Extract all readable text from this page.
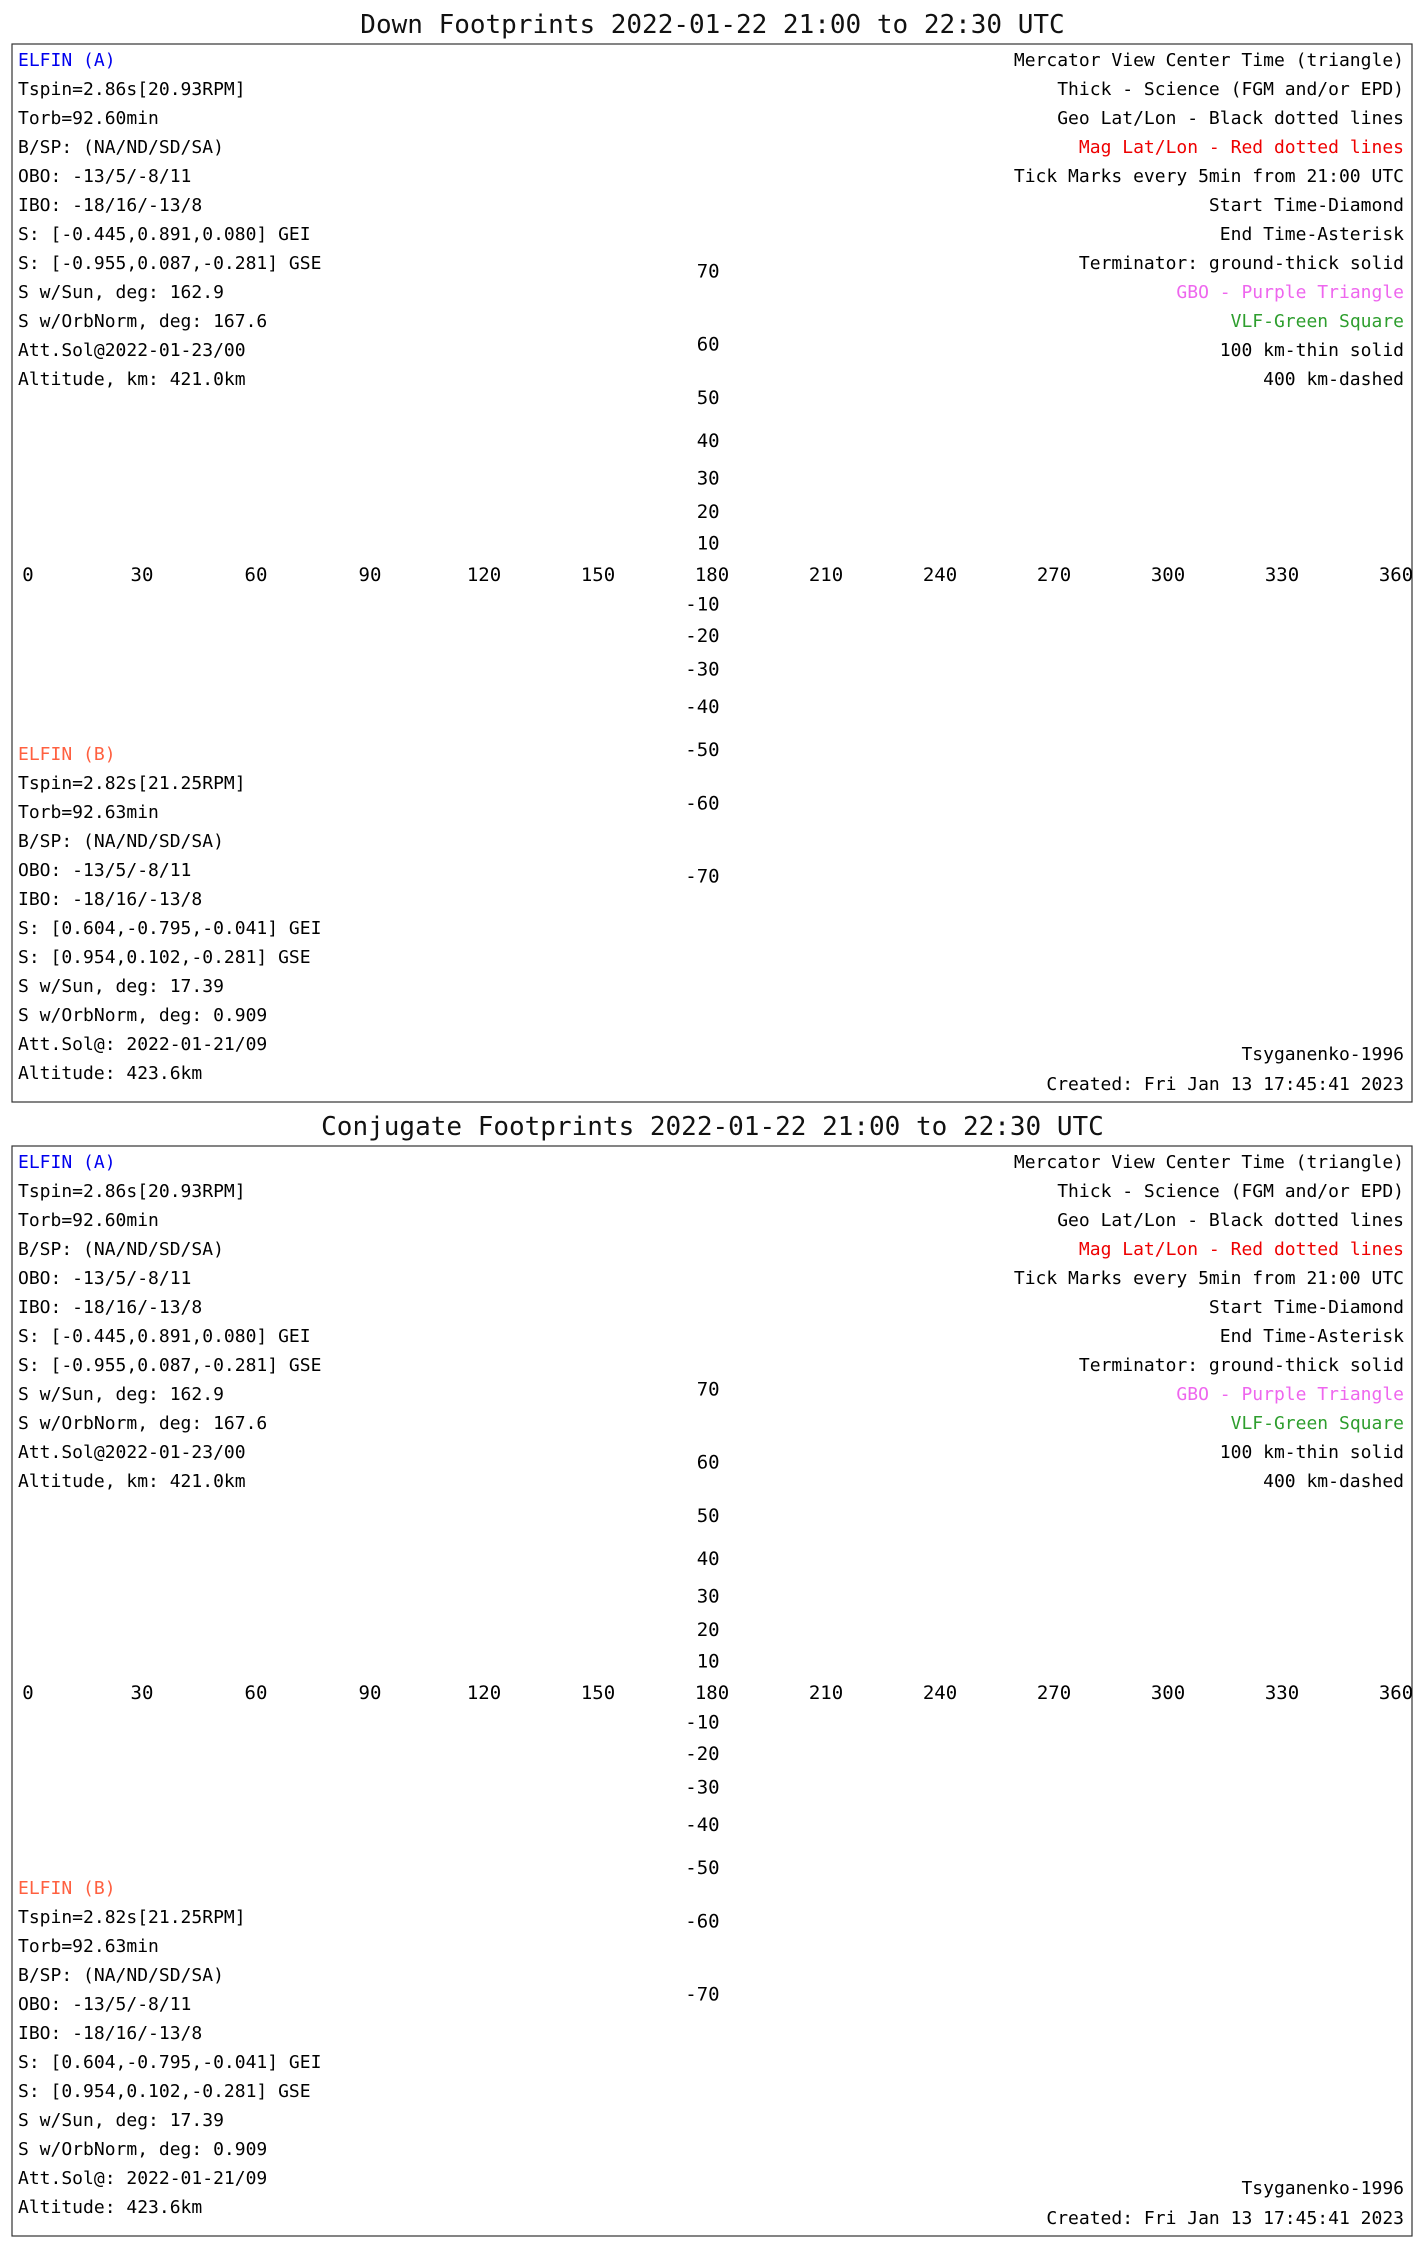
Down Footprints 2022-01-22 21:00 to 22:30 UTC
Conjugate Footprints 2022-01-22 21:00 to 22:30 UTC
0	30	60	90	120	150	180	210	240	270	300	330	360
70
60
50
40
30
20
10
-10
-20
-30
-40
-50
-60
-70
ELFIN (A)
Tspin=2.86s[20.93RPM]
Torb=92.60min
B/SP: (NA/ND/SD/SA)
OBO: -13/5/-8/11
IBO: -18/16/-13/8
S: [-0.445,0.891,0.080] GEI
S: [-0.955,0.087,-0.281] GSE
S w/Sun, deg: 162.9
S w/OrbNorm, deg: 167.6
Att.Sol@2022-01-23/00
Altitude, km: 421.0km
ELFIN (B)
Tspin=2.82s[21.25RPM]
Torb=92.63min
B/SP: (NA/ND/SD/SA)
OBO: -13/5/-8/11
IBO: -18/16/-13/8
S: [0.604,-0.795,-0.041] GEI
S: [0.954,0.102,-0.281] GSE
S w/Sun, deg: 17.39
S w/OrbNorm, deg: 0.909
Att.Sol@: 2022-01-21/09
Altitude: 423.6km
Mercator View Center Time (triangle)
Thick - Science (FGM and/or EPD)
Geo Lat/Lon - Black dotted lines
Mag Lat/Lon - Red dotted lines
Tick Marks every 5min from 21:00 UTC
Start Time-Diamond
End Time-Asterisk
Terminator: ground-thick solid
GBO - Purple Triangle
VLF-Green Square
100 km-thin solid
400 km-dashed
Tsyganenko-1996
Created: Fri Jan 13 17:45:41 2023
0	30	60	90	120	150	180	210	240	270	300	330	360
70
60
50
40
30
20
10
-10
-20
-30
-40
-50
-60
-70
ELFIN (A)
Tspin=2.86s[20.93RPM]
Torb=92.60min
B/SP: (NA/ND/SD/SA)
OBO: -13/5/-8/11
IBO: -18/16/-13/8
S: [-0.445,0.891,0.080] GEI
S: [-0.955,0.087,-0.281] GSE
S w/Sun, deg: 162.9
S w/OrbNorm, deg: 167.6
Att.Sol@2022-01-23/00
Altitude, km: 421.0km
ELFIN (B)
Tspin=2.82s[21.25RPM]
Torb=92.63min
B/SP: (NA/ND/SD/SA)
OBO: -13/5/-8/11
IBO: -18/16/-13/8
S: [0.604,-0.795,-0.041] GEI
S: [0.954,0.102,-0.281] GSE
S w/Sun, deg: 17.39
S w/OrbNorm, deg: 0.909
Att.Sol@: 2022-01-21/09
Altitude: 423.6km
Mercator View Center Time (triangle)
Thick - Science (FGM and/or EPD)
Geo Lat/Lon - Black dotted lines
Mag Lat/Lon - Red dotted lines
Tick Marks every 5min from 21:00 UTC
Start Time-Diamond
End Time-Asterisk
Terminator: ground-thick solid
GBO - Purple Triangle
VLF-Green Square
100 km-thin solid
400 km-dashed
Tsyganenko-1996
Created: Fri Jan 13 17:45:41 2023
